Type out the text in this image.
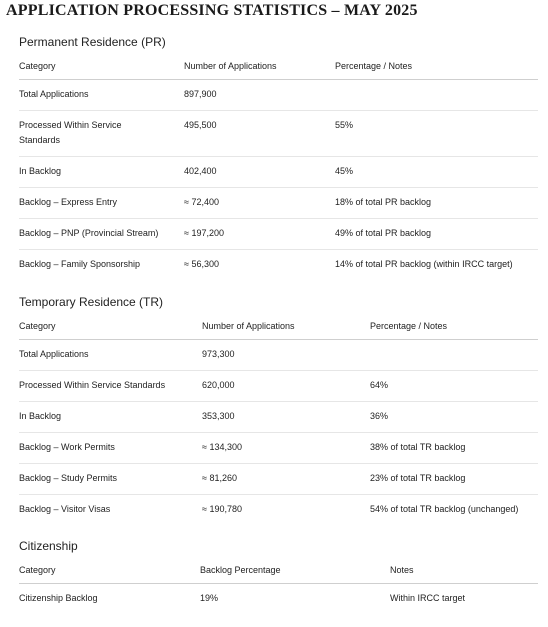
APPLICATION PROCESSING STATISTICS – MAY 2025
Permanent Residence (PR)
Category	Number of Applications	Percentage / Notes
Total Applications	897,900	
Processed Within Service Standards	495,500	55%
In Backlog	402,400	45%
Backlog – Express Entry	≈ 72,400	18% of total PR backlog
Backlog – PNP (Provincial Stream)	≈ 197,200	49% of total PR backlog
Backlog – Family Sponsorship	≈ 56,300	14% of total PR backlog (within IRCC target)
Temporary Residence (TR)
Category	Number of Applications	Percentage / Notes
Total Applications	973,300	
Processed Within Service Standards	620,000	64%
In Backlog	353,300	36%
Backlog – Work Permits	≈ 134,300	38% of total TR backlog
Backlog – Study Permits	≈ 81,260	23% of total TR backlog
Backlog – Visitor Visas	≈ 190,780	54% of total TR backlog (unchanged)
Citizenship
Category	Backlog Percentage	Notes
Citizenship Backlog	19%	Within IRCC target
